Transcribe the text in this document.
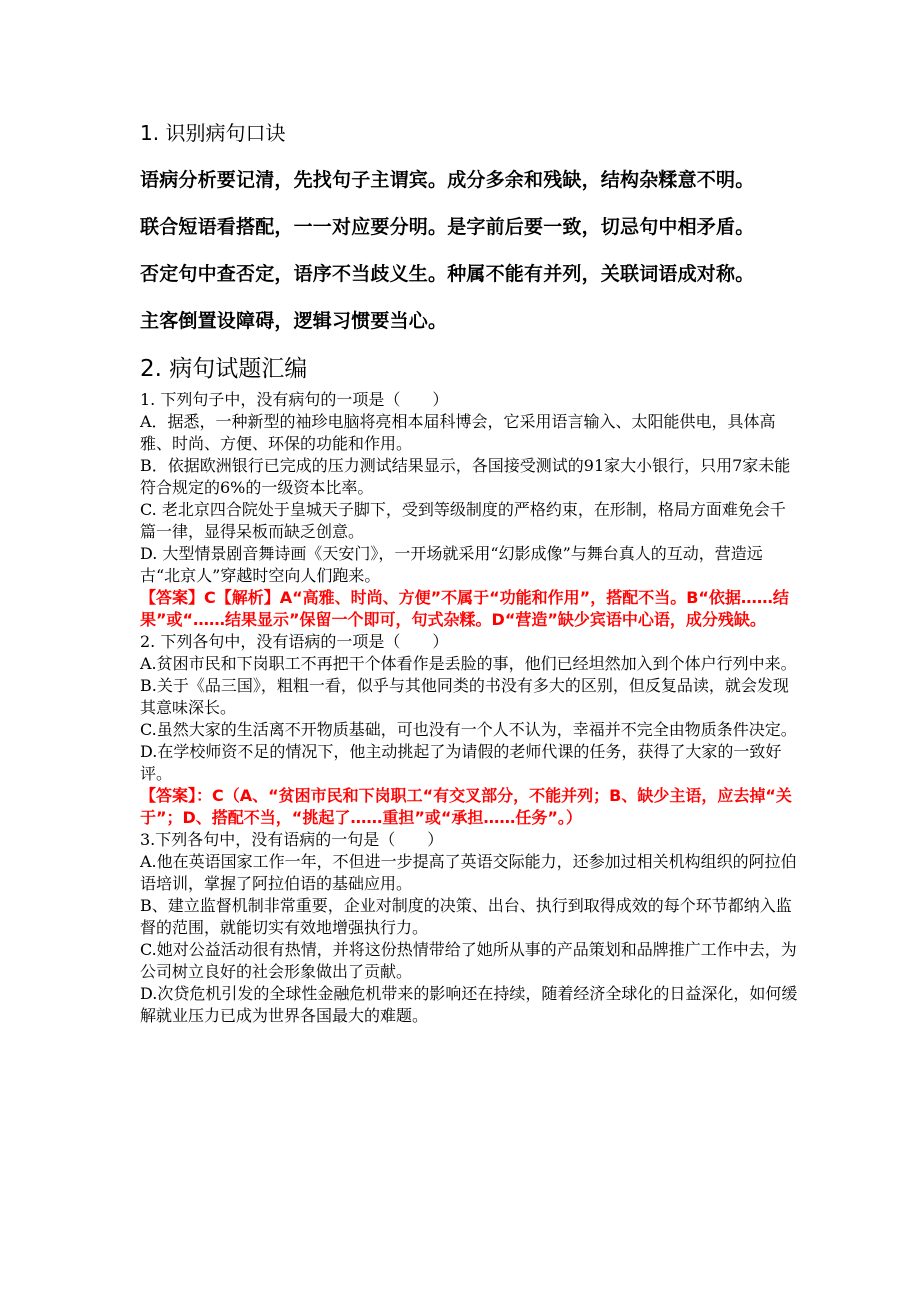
1. 识别病句口诀
语病分析要记清，先找句子主谓宾。成分多余和残缺，结构杂糅意不明。
联合短语看搭配，一一对应要分明。是字前后要一致，切忌句中相矛盾。
否定句中查否定，语序不当歧义生。种属不能有并列，关联词语成对称。
主客倒置设障碍，逻辑习惯要当心。
2. 病句试题汇编

1. 下列句子中，没有病句的一项是（　　）

A．据悉，一种新型的袖珍电脑将亮相本届科博会，它采用语言输入、太阳能供电，具体高雅、时尚、方便、环保的功能和作用。

B．依据欧洲银行已完成的压力测试结果显示，各国接受测试的91家大小银行，只用7家未能符合规定的6%的一级资本比率。

C. 老北京四合院处于皇城天子脚下，受到等级制度的严格约束，在形制，格局方面难免会千篇一律，显得呆板而缺乏创意。

D. 大型情景剧音舞诗画《天安门》，一开场就采用“幻影成像”与舞台真人的互动，营造远古“北京人”穿越时空向人们跑来。

【答案】C【解析】A“高雅、时尚、方便”不属于“功能和作用”，搭配不当。B“依据……结果”或“……结果显示”保留一个即可，句式杂糅。D“营造”缺少宾语中心语，成分残缺。

2. 下列各句中，没有语病的一项是（　　）

A.贫困市民和下岗职工不再把干个体看作是丢脸的事，他们已经坦然加入到个体户行列中来。

B.关于《品三国》，粗粗一看，似乎与其他同类的书没有多大的区别，但反复品读，就会发现其意味深长。

C.虽然大家的生活离不开物质基础，可也没有一个人不认为，幸福并不完全由物质条件决定。

D.在学校师资不足的情况下，他主动挑起了为请假的老师代课的任务，获得了大家的一致好评。

【答案】：C（A、“贫困市民和下岗职工“有交叉部分，不能并列；B、缺少主语，应去掉“关于”；D、搭配不当，“挑起了……重担”或“承担……任务”。）

3.下列各句中，没有语病的一句是（　　）

A.他在英语国家工作一年，不但进一步提高了英语交际能力，还参加过相关机构组织的阿拉伯语培训，掌握了阿拉伯语的基础应用。

B、建立监督机制非常重要，企业对制度的决策、出台、执行到取得成效的每个环节都纳入监督的范围，就能切实有效地增强执行力。

C.她对公益活动很有热情，并将这份热情带给了她所从事的产品策划和品牌推广工作中去，为公司树立良好的社会形象做出了贡献。

D.次贷危机引发的全球性金融危机带来的影响还在持续，随着经济全球化的日益深化，如何缓解就业压力已成为世界各国最大的难题。
